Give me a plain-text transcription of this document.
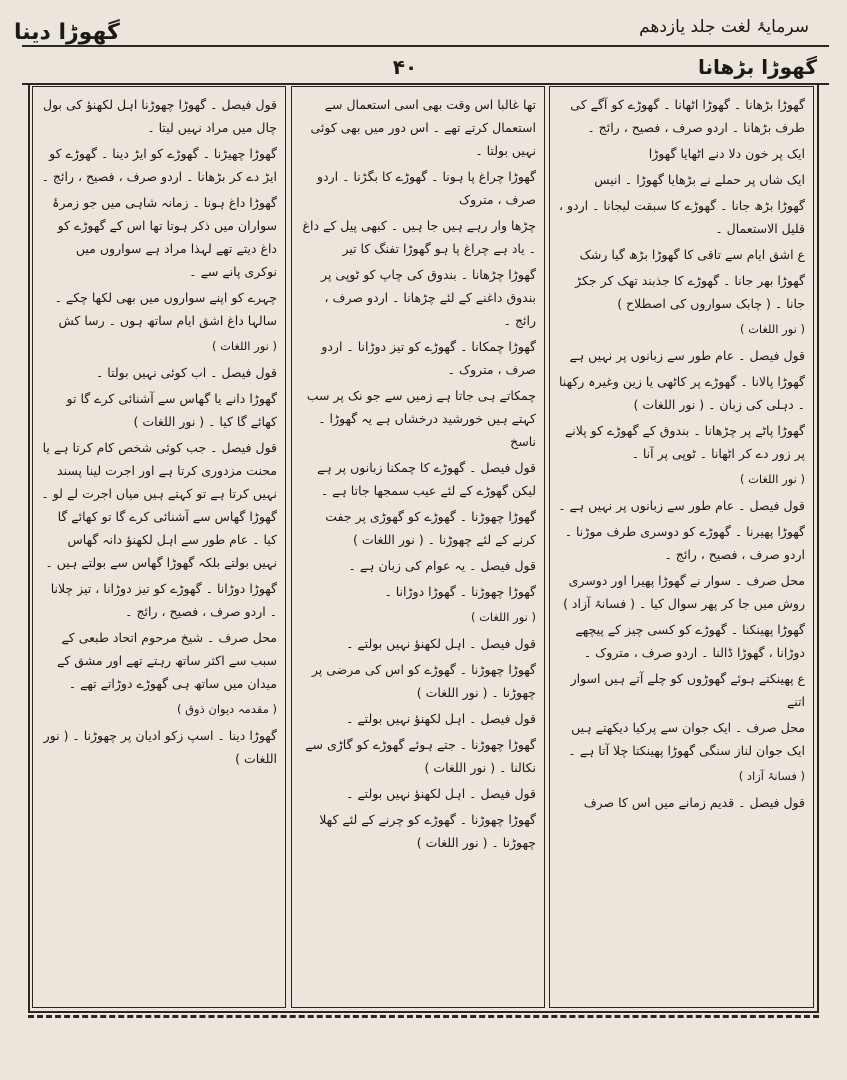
سرمایۂ لغت جلد یازدھم
گھوڑا دینا
۴۰	گھوڑا بڑھانا

گھوڑا بڑھانا ۔ گھوڑا اٹھانا ۔ گھوڑے کو آگے کی طرف بڑھانا ۔ اردو صرف ، فصیح ، رائج ۔

ایک پر خون دلا دنے اٹھایا گھوڑا

ایک شاں پر حملے نے بڑھایا گھوڑا ۔ انیس

گھوڑا بڑھ جانا ۔ گھوڑے کا سبقت لیجانا ۔ اردو ، قلیل الاستعمال ۔

ع اشق ایام سے تاقی کا گھوڑا بڑھ گیا رشک

گھوڑا بھر جانا ۔ گھوڑے کا جذبند تھک کر جکڑ جانا ۔ ( چابک سواروں کی اصطلاح )

( نور اللغات )

قول فیصل ۔ عام طور سے زبانوں پر نہیں ہے

گھوڑا پالانا ۔ گھوڑے پر کاٹھی یا زین وغیرہ رکھنا ۔ دہلی کی زبان ۔ ( نور اللغات )

گھوڑا پاٹے پر چڑھانا ۔ بندوق کے گھوڑے کو پلانے پر زور دے کر اٹھانا ۔ ٹوپی پر آنا ۔

( نور اللغات )

قول فیصل ۔ عام طور سے زبانوں پر نہیں ہے ۔

گھوڑا پھیرنا ۔ گھوڑے کو دوسری طرف موڑنا ۔ اردو صرف ، فصیح ، رائج ۔

محل صرف ۔ سوار نے گھوڑا پھیرا اور دوسری روش میں جا کر پھر سوال کیا ۔ ( فسانۂ آزاد )

گھوڑا پھینکنا ۔ گھوڑے کو کسی چیز کے پیچھے دوڑانا ، گھوڑا ڈالنا ۔ اردو صرف ، متروک ۔

ع پھینکتے ہوئے گھوڑوں کو چلے آتے ہیں اسوار اتنے

محل صرف ۔ ایک جوان سے پرکیا دیکھتے ہیں ایک جوان لناز سنگی گھوڑا پھینکتا چلا آتا ہے ۔

( فسانۂ آزاد )

قول فیصل ۔ قدیم زمانے میں اس کا صرف

تھا غالبا اس وقت بھی اسی استعمال سے استعمال کرتے تھے ۔ اس دور میں بھی کوئی نہیں بولتا ۔

گھوڑا چراغ پا ہونا ۔ گھوڑے کا بگڑنا ۔ اردو صرف ، متروک

چڑھا وار رہے ہیں جا ہیں ۔ کبھی پیل کے داغ ۔ یاد ہے چراغ پا ہو گھوڑا تفنگ کا تیر

گھوڑا چڑھانا ۔ بندوق کی چاپ کو ٹوپی پر بندوق داغنے کے لئے چڑھانا ۔ اردو صرف ، رائج ۔

گھوڑا چمکانا ۔ گھوڑے کو تیز دوڑانا ۔ اردو صرف ، متروک ۔

چمکاتے ہی جاتا ہے زمیں سے جو نک پر سب کہتے ہیں خورشید درخشاں ہے یہ گھوڑا ۔ ناسخ

قول فیصل ۔ گھوڑے کا چمکنا زبانوں پر ہے لیکن گھوڑے کے لئے عیب سمجھا جاتا ہے ۔

گھوڑا چھوڑنا ۔ گھوڑے کو گھوڑی پر جفت کرنے کے لئے چھوڑنا ۔ ( نور اللغات )

قول فیصل ۔ یہ عوام کی زبان ہے ۔

گھوڑا چھوڑنا ۔ گھوڑا دوڑانا ۔

( نور اللغات )

قول فیصل ۔ اہل لکھنؤ نہیں بولتے ۔

گھوڑا چھوڑنا ۔ گھوڑے کو اس کی مرضی پر چھوڑنا ۔ ( نور اللغات )

قول فیصل ۔ اہل لکھنؤ نہیں بولتے ۔

گھوڑا چھوڑنا ۔ جتے ہوئے گھوڑے کو گاڑی سے نکالنا ۔ ( نور اللغات )

قول فیصل ۔ اہل لکھنؤ نہیں بولتے ۔

گھوڑا چھوڑنا ۔ گھوڑے کو چرنے کے لئے کھلا چھوڑنا ۔ ( نور اللغات )

قول فیصل ۔ گھوڑا چھوڑنا اہل لکھنؤ کی بول چال میں مراد نہیں لیتا ۔

گھوڑا چھیڑنا ۔ گھوڑے کو ایڑ دینا ۔ گھوڑے کو ایڑ دے کر بڑھانا ۔ اردو صرف ، فصیح ، رائج ۔

گھوڑا داغ ہونا ۔ زمانہ شاہی میں جو زمرۂ سواران میں ذکر ہوتا تھا اس کے گھوڑے کو داغ دیتے تھے لہذا مراد ہے سواروں میں نوکری پانے سے ۔

چہرے کو اپنے سواروں میں بھی لکھا چکے ۔ سالہا داغ اشق ایام ساتھ ہوں ۔ رسا کش

( نور اللغات )

قول فیصل ۔ اب کوئی نہیں بولتا ۔

گھوڑا دانے یا گھاس سے آشنائی کرے گا تو کھائے گا کیا ۔ ( نور اللغات )

قول فیصل ۔ جب کوئی شخص کام کرتا ہے یا محنت مزدوری کرتا ہے اور اجرت لینا پسند نہیں کرتا ہے تو کہتے ہیں میاں اجرت لے لو ۔ گھوڑا گھاس سے آشنائی کرے گا تو کھائے گا کیا ۔ عام طور سے اہل لکھنؤ دانہ گھاس نہیں بولتے بلکہ گھوڑا گھاس سے بولتے ہیں ۔

گھوڑا دوڑانا ۔ گھوڑے کو تیز دوڑانا ، تیز چلانا ۔ اردو صرف ، فصیح ، رائج ۔

محل صرف ۔ شیخ مرحوم اتحاد طبعی کے سبب سے اکثر ساتھ رہتے تھے اور مشق کے میدان میں ساتھ ہی گھوڑے دوڑاتے تھے ۔

( مقدمہ دیوان ذوق )

گھوڑا دینا ۔ اسپ زکو ادیان پر چھوڑنا ۔ ( نور اللغات )
